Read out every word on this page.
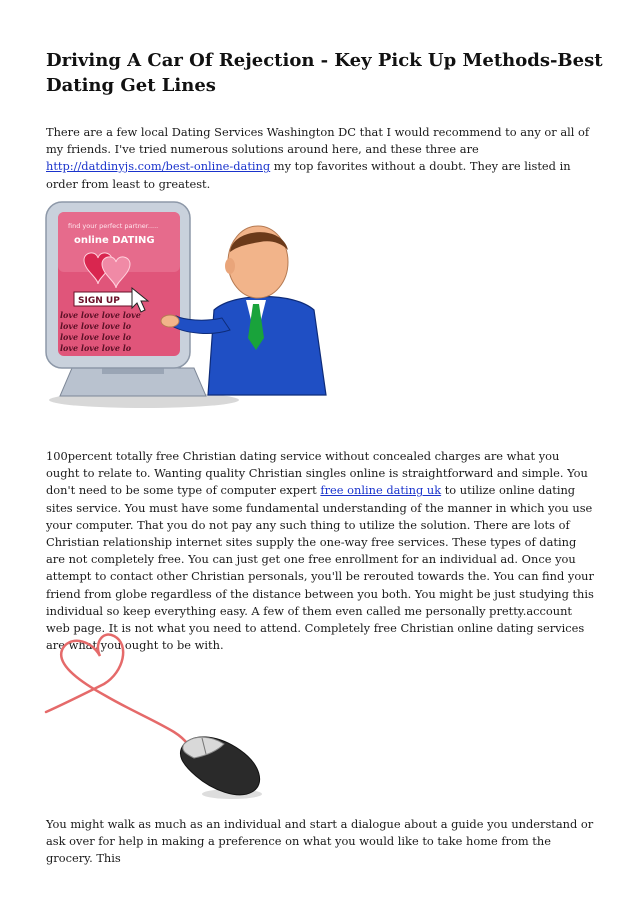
Driving A Car Of Rejection - Key Pick Up Methods-Best Dating Get Lines

There are a few local Dating Services Washington DC that I would recommend to any or all of my friends. I've tried numerous solutions around here, and these three are http://datdinyjs.com/best-online-dating my top favorites without a doubt. They are listed in order from least to greatest.

find your perfect partner.....
online DATING
SIGN UP
love love love love
love love love lo
love love love lo
love love love lo

100percent totally free Christian dating service without concealed charges are what you ought to relate to. Wanting quality Christian singles online is straightforward and simple. You don't need to be some type of computer expert free online dating uk to utilize online dating sites service. You must have some fundamental understanding of the manner in which you use your computer. That you do not pay any such thing to utilize the solution. There are lots of Christian relationship internet sites supply the one-way free services. These types of dating are not completely free. You can just get one free enrollment for an individual ad. Once you attempt to contact other Christian personals, you'll be rerouted towards the. You can find your friend from globe regardless of the distance between you both. You might be just studying this individual so keep everything easy. A few of them even called me personally pretty.account web page. It is not what you need to attend. Completely free Christian online dating services are what you ought to be with.

You might walk as much as an individual and start a dialogue about a guide you understand or ask over for help in making a preference on what you would like to take home from the grocery. This
